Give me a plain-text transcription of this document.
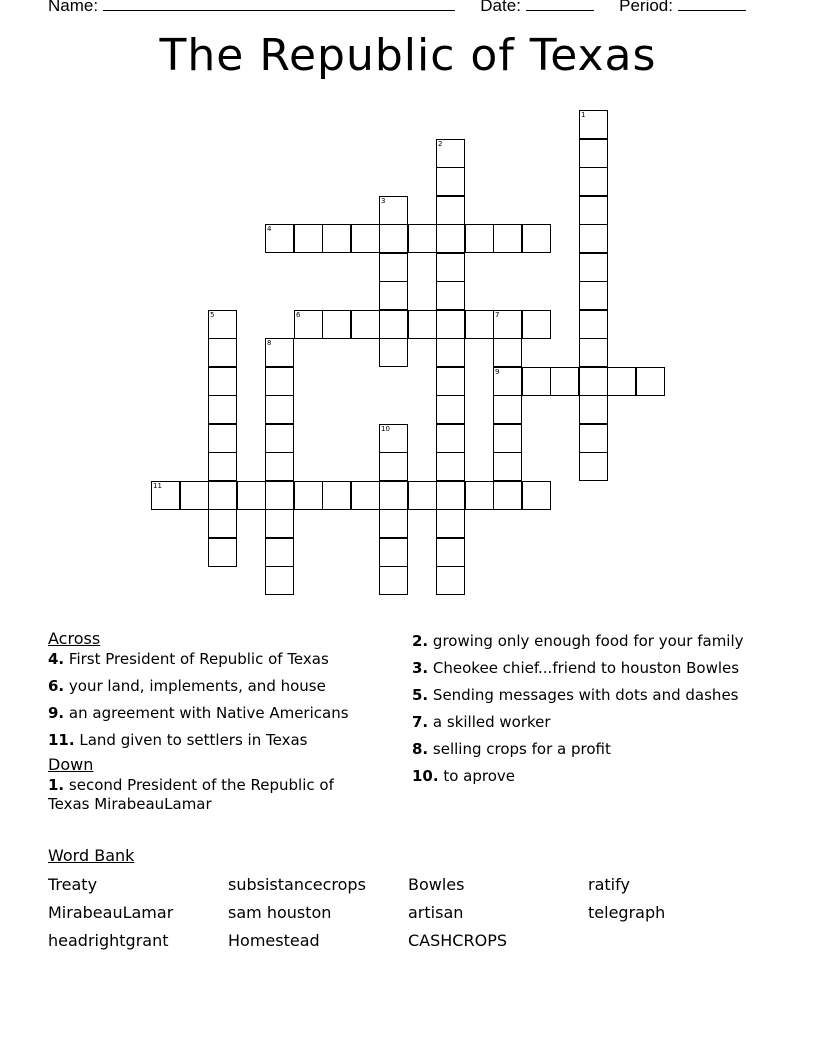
Name:	Date:	Period:
The Republic of Texas
1
2
3
4
5	6	7
9
8
10
11
Across
4. First President of Republic of Texas
6. your land, implements, and house
9. an agreement with Native Americans
11. Land given to settlers in Texas
Down
1. second President of the Republic of Texas MirabeauLamar
2. growing only enough food for your family
3. Cheokee chief...friend to houston Bowles
5. Sending messages with dots and dashes
7. a skilled worker
8. selling crops for a profit
10. to aprove
Word Bank
Treaty	subsistancecrops	Bowles	ratify
MirabeauLamar	sam houston	artisan	telegraph
headrightgrant	Homestead	CASHCROPS
